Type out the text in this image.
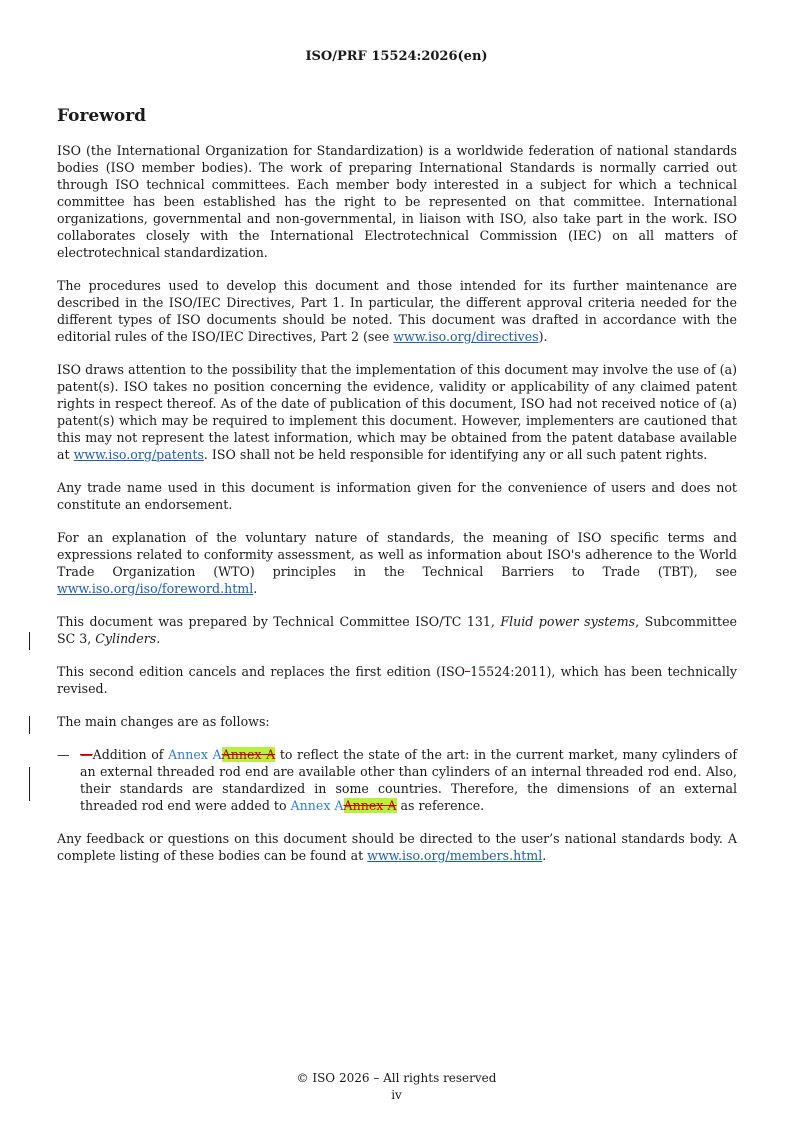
ISO/PRF 15524:2026(en)
Foreword

ISO (the International Organization for Standardization) is a worldwide federation of national standards bodies (ISO member bodies). The work of preparing International Standards is normally carried out through ISO technical committees. Each member body interested in a subject for which a technical committee has been established has the right to be represented on that committee. International organizations, governmental and non-governmental, in liaison with ISO, also take part in the work. ISO collaborates closely with the International Electrotechnical Commission (IEC) on all matters of electrotechnical standardization.

The procedures used to develop this document and those intended for its further maintenance are described in the ISO/IEC Directives, Part 1. In particular, the different approval criteria needed for the different types of ISO documents should be noted. This document was drafted in accordance with the editorial rules of the ISO/IEC Directives, Part 2 (see www.iso.org/directives).

ISO draws attention to the possibility that the implementation of this document may involve the use of (a) patent(s). ISO takes no position concerning the evidence, validity or applicability of any claimed patent rights in respect thereof. As of the date of publication of this document, ISO had not received notice of (a) patent(s) which may be required to implement this document. However, implementers are cautioned that this may not represent the latest information, which may be obtained from the patent database available at www.iso.org/patents. ISO shall not be held responsible for identifying any or all such patent rights.

Any trade name used in this document is information given for the convenience of users and does not constitute an endorsement.

For an explanation of the voluntary nature of standards, the meaning of ISO specific terms and expressions related to conformity assessment, as well as information about ISO's adherence to the World Trade Organization (WTO) principles in the Technical Barriers to Trade (TBT), see www.iso.org/iso/foreword.html.

This document was prepared by Technical Committee ISO/TC 131, Fluid power systems, Subcommittee SC 3, Cylinders.

This second edition cancels and replaces the first edition (ISO 15524:2011), which has been technically revised.

The main changes are as follows:

— —Addition of Annex AAnnex A to reflect the state of the art: in the current market, many cylinders of an external threaded rod end are available other than cylinders of an internal threaded rod end. Also, their standards are standardized in some countries. Therefore, the dimensions of an external threaded rod end were added to Annex AAnnex A as reference.

Any feedback or questions on this document should be directed to the user’s national standards body. A complete listing of these bodies can be found at www.iso.org/members.html.

© ISO 2026 – All rights reserved
iv
